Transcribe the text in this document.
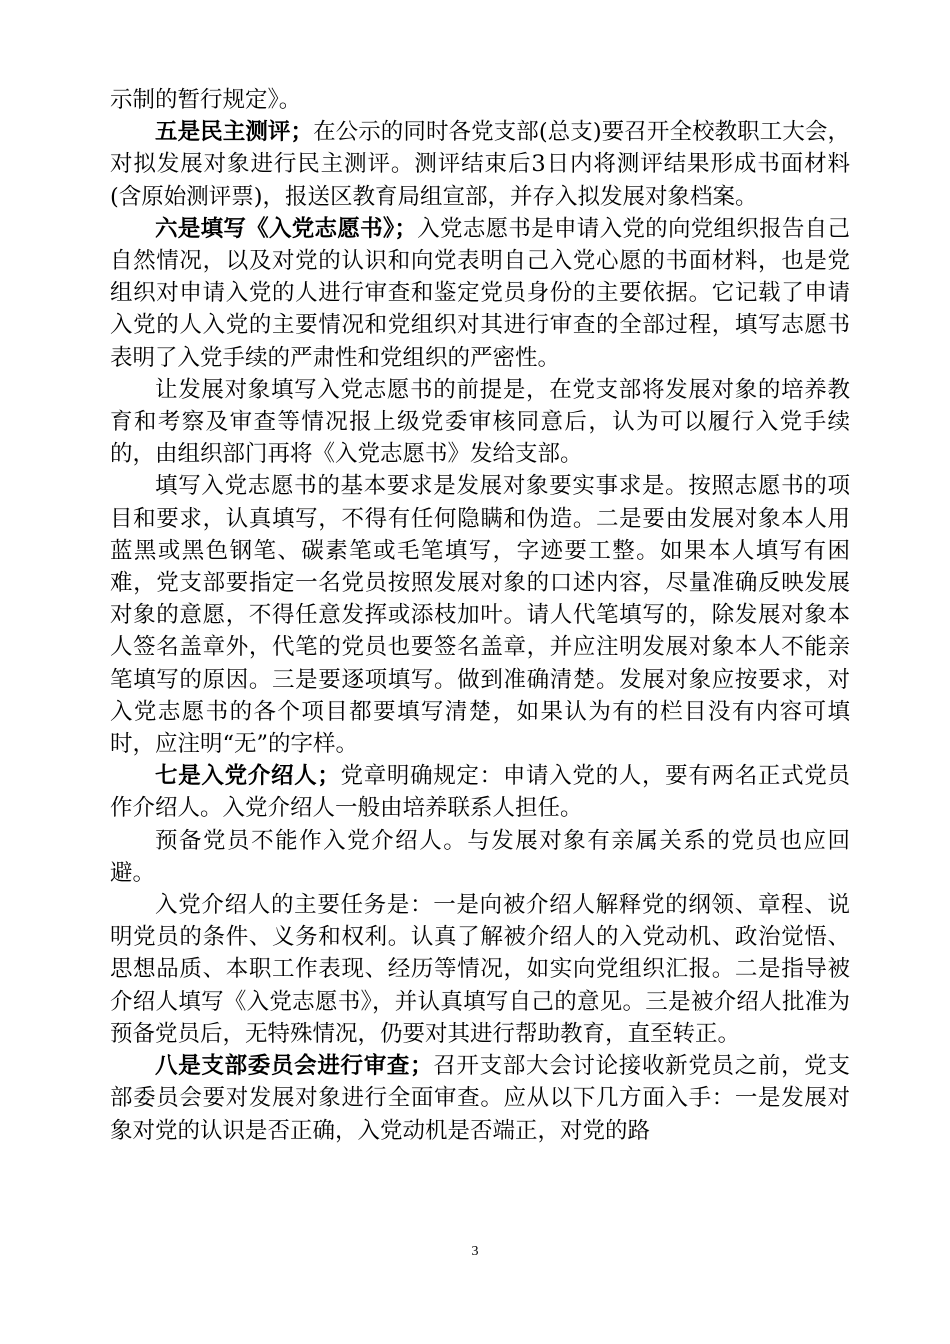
示制的暂行规定》。

五是民主测评；在公示的同时各党支部(总支)要召开全校教职工大会，对拟发展对象进行民主测评。测评结束后3日内将测评结果形成书面材料(含原始测评票)，报送区教育局组宣部，并存入拟发展对象档案。

六是填写《入党志愿书》；入党志愿书是申请入党的向党组织报告自己自然情况，以及对党的认识和向党表明自己入党心愿的书面材料，也是党组织对申请入党的人进行审查和鉴定党员身份的主要依据。它记载了申请入党的人入党的主要情况和党组织对其进行审查的全部过程，填写志愿书表明了入党手续的严肃性和党组织的严密性。

让发展对象填写入党志愿书的前提是，在党支部将发展对象的培养教育和考察及审查等情况报上级党委审核同意后，认为可以履行入党手续的，由组织部门再将《入党志愿书》发给支部。

填写入党志愿书的基本要求是发展对象要实事求是。按照志愿书的项目和要求，认真填写，不得有任何隐瞒和伪造。二是要由发展对象本人用蓝黑或黑色钢笔、碳素笔或毛笔填写，字迹要工整。如果本人填写有困难，党支部要指定一名党员按照发展对象的口述内容，尽量准确反映发展对象的意愿，不得任意发挥或添枝加叶。请人代笔填写的，除发展对象本人签名盖章外，代笔的党员也要签名盖章，并应注明发展对象本人不能亲笔填写的原因。三是要逐项填写。做到准确清楚。发展对象应按要求，对入党志愿书的各个项目都要填写清楚，如果认为有的栏目没有内容可填时，应注明“无”的字样。

七是入党介绍人；党章明确规定：申请入党的人，要有两名正式党员作介绍人。入党介绍人一般由培养联系人担任。

预备党员不能作入党介绍人。与发展对象有亲属关系的党员也应回避。

入党介绍人的主要任务是：一是向被介绍人解释党的纲领、章程、说明党员的条件、义务和权利。认真了解被介绍人的入党动机、政治觉悟、思想品质、本职工作表现、经历等情况，如实向党组织汇报。二是指导被介绍人填写《入党志愿书》，并认真填写自己的意见。三是被介绍人批准为预备党员后，无特殊情况，仍要对其进行帮助教育，直至转正。

八是支部委员会进行审查；召开支部大会讨论接收新党员之前，党支部委员会要对发展对象进行全面审查。应从以下几方面入手：一是发展对象对党的认识是否正确，入党动机是否端正，对党的路

3
